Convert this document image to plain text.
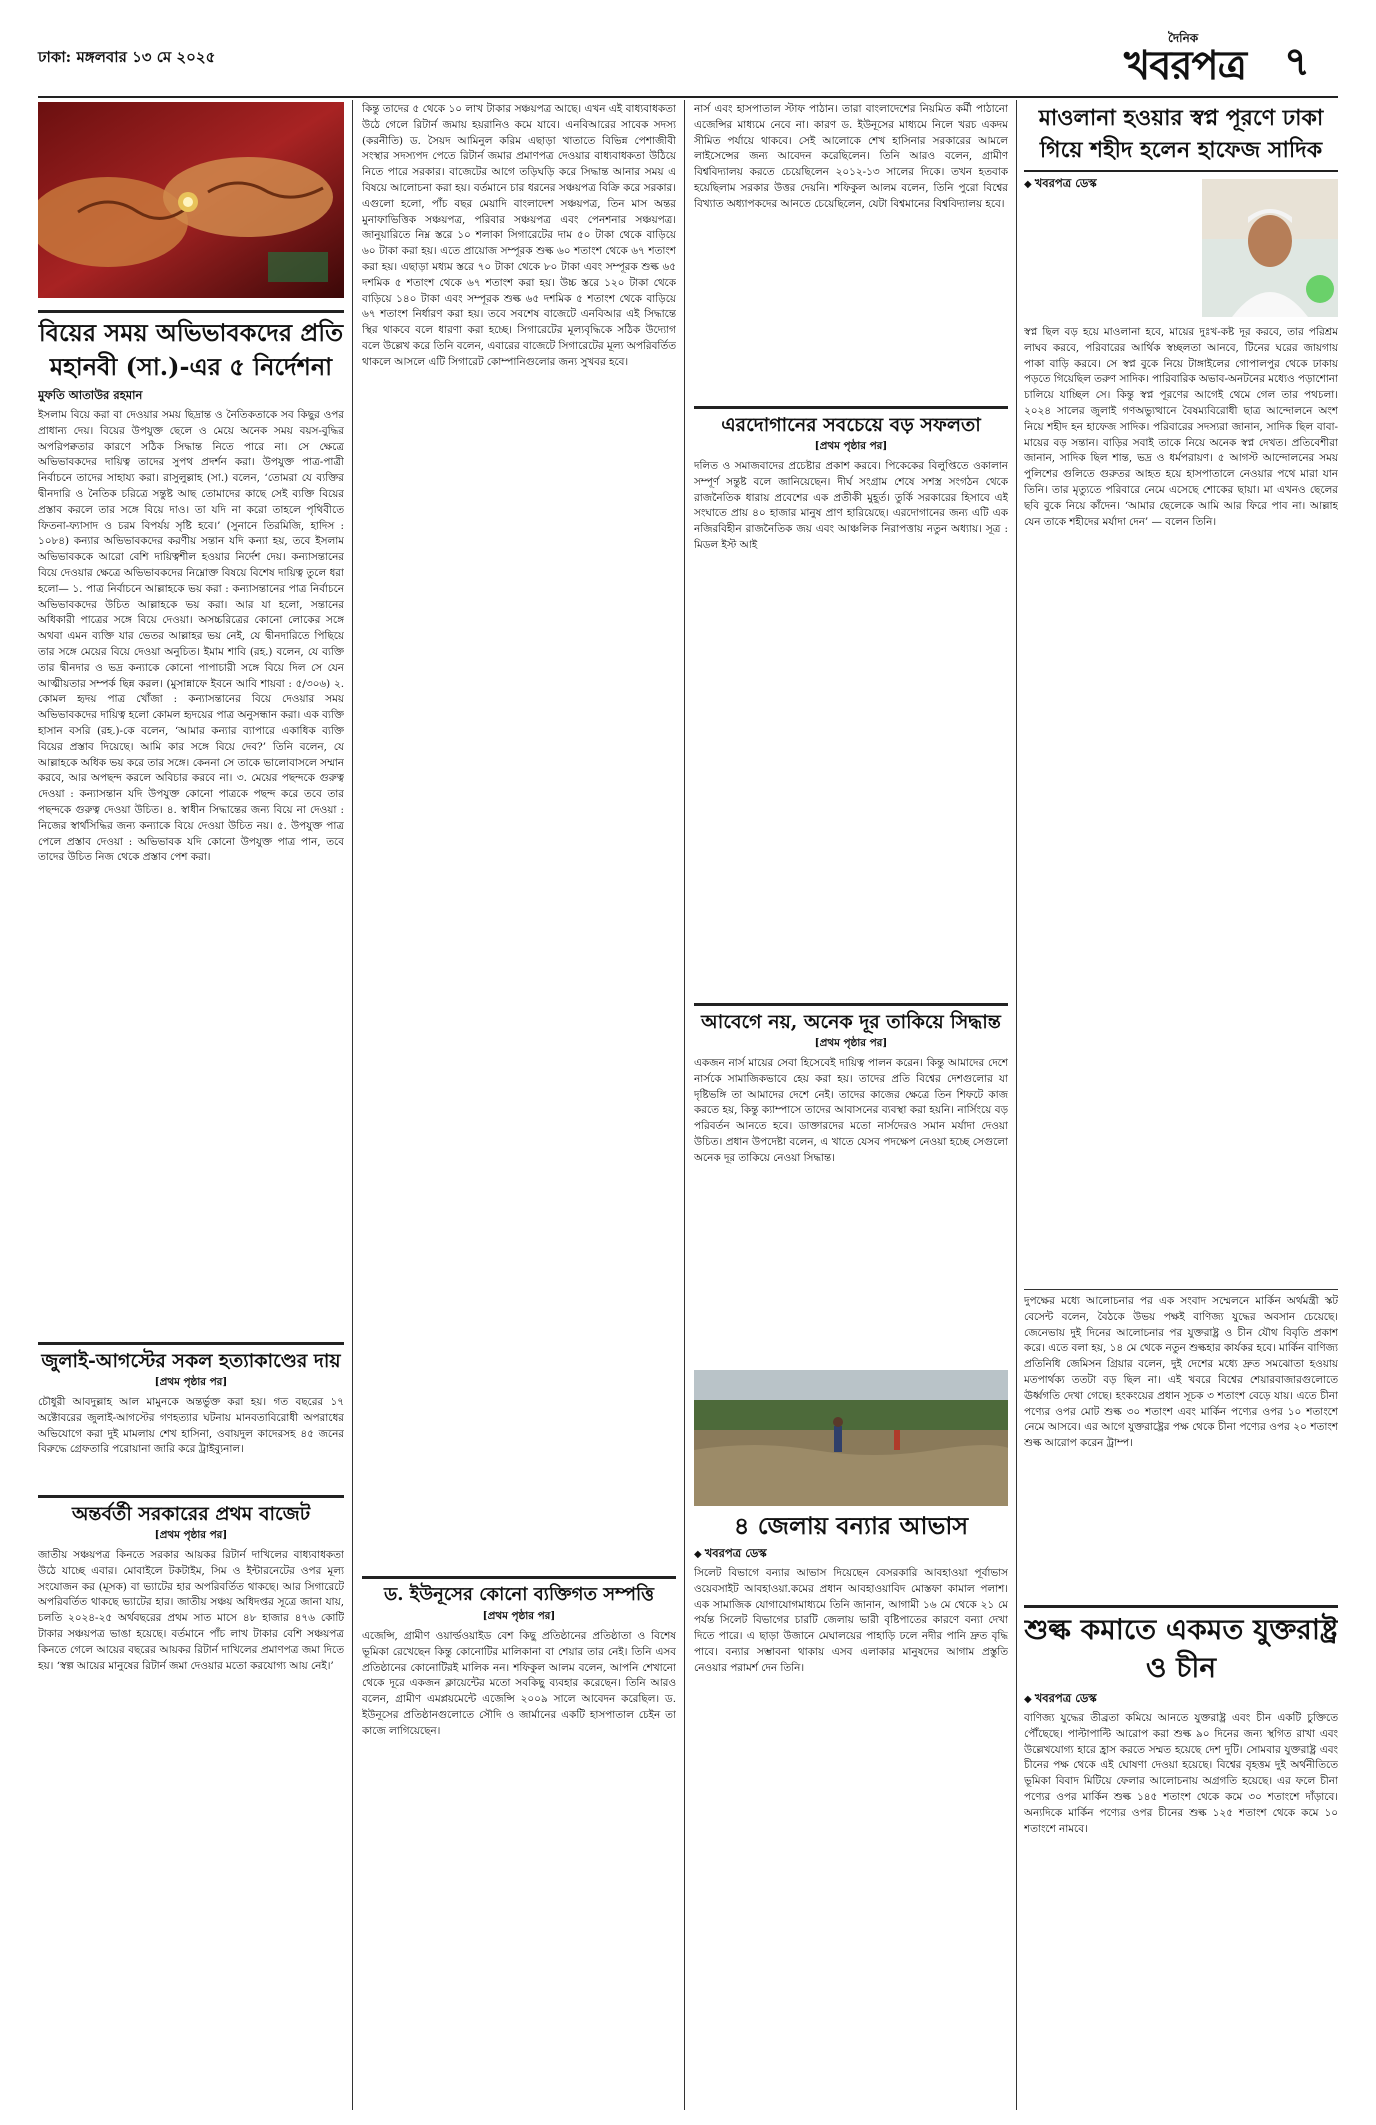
ঢাকা: মঙ্গলবার ১৩ মে ২০২৫
দৈনিক
খবরপত্র ৭
বিয়ের সময় অভিভাবকদের প্রতি মহানবী (সা.)-এর ৫ নির্দেশনা
মুফতি আতাউর রহমান
ইসলাম বিয়ে করা বা দেওয়ার সময় ছিদ্রান্ত ও নৈতিকতাকে সব কিছুর ওপর প্রাধান্য দেয়। বিয়ের উপযুক্ত ছেলে ও মেয়ে অনেক সময় বয়স-বুদ্ধির অপরিপক্বতার কারণে সঠিক সিদ্ধান্ত নিতে পারে না। সে ক্ষেত্রে অভিভাবকদের দায়িত্ব তাদের সুপথ প্রদর্শন করা। উপযুক্ত পাত্র-পাত্রী নির্বাচনে তাদের সাহায্য করা। রাসুলুল্লাহ (সা.) বলেন, ‘তোমরা যে ব্যক্তির দ্বীনদারি ও নৈতিক চরিত্রে সন্তুষ্ট আছ তোমাদের কাছে সেই ব্যক্তি বিয়ের প্রস্তাব করলে তার সঙ্গে বিয়ে দাও। তা যদি না করো তাহলে পৃথিবীতে ফিতনা-ফ্যাসাদ ও চরম বিপর্যয় সৃষ্টি হবে।’ (সুনানে তিরমিজি, হাদিস : ১০৮৪) কন্যার অভিভাবকদের করণীয় সন্তান যদি কন্যা হয়, তবে ইসলাম অভিভাবককে আরো বেশি দায়িত্বশীল হওয়ার নির্দেশ দেয়। কন্যাসন্তানের বিয়ে দেওয়ার ক্ষেত্রে অভিভাবকদের নিম্নোক্ত বিষয়ে বিশেষ দায়িত্ব তুলে ধরা হলো— ১. পাত্র নির্বাচনে আল্লাহকে ভয় করা : কন্যাসন্তানের পাত্র নির্বাচনে অভিভাবকদের উচিত আল্লাহকে ভয় করা। আর যা হলো, সন্তানের অধিকারী পাত্রের সঙ্গে বিয়ে দেওয়া। অসচ্চরিত্রের কোনো লোকের সঙ্গে অথবা এমন ব্যক্তি যার ভেতর আল্লাহর ভয় নেই, যে দ্বীনদারিতে পিছিয়ে তার সঙ্গে মেয়ের বিয়ে দেওয়া অনুচিত। ইমাম শাবি (রহ.) বলেন, যে ব্যক্তি তার দ্বীনদার ও ভদ্র কন্যাকে কোনো পাপাচারী সঙ্গে বিয়ে দিল সে যেন আত্মীয়তার সম্পর্ক ছিন্ন করল। (মুসান্নাফে ইবনে আবি শায়বা : ৫/৩০৬) ২. কোমল হৃদয় পাত্র খোঁজা : কন্যাসন্তানের বিয়ে দেওয়ার সময় অভিভাবকদের দায়িত্ব হলো কোমল হৃদয়ের পাত্র অনুসন্ধান করা। এক ব্যক্তি হাসান বসরি (রহ.)-কে বলেন, ‘আমার কন্যার ব্যাপারে একাধিক ব্যক্তি বিয়ের প্রস্তাব দিয়েছে। আমি কার সঙ্গে বিয়ে দেব?’ তিনি বলেন, যে আল্লাহকে অধিক ভয় করে তার সঙ্গে। কেননা সে তাকে ভালোবাসলে সম্মান করবে, আর অপছন্দ করলে অবিচার করবে না। ৩. মেয়ের পছন্দকে গুরুত্ব দেওয়া : কন্যাসন্তান যদি উপযুক্ত কোনো পাত্রকে পছন্দ করে তবে তার পছন্দকে গুরুত্ব দেওয়া উচিত। ৪. স্বাধীন সিদ্ধান্তের জন্য বিয়ে না দেওয়া : নিজের স্বার্থসিদ্ধির জন্য কন্যাকে বিয়ে দেওয়া উচিত নয়। ৫. উপযুক্ত পাত্র পেলে প্রস্তাব দেওয়া : অভিভাবক যদি কোনো উপযুক্ত পাত্র পান, তবে তাদের উচিত নিজ থেকে প্রস্তাব পেশ করা।
জুলাই-আগস্টের সকল হত্যাকাণ্ডের দায়
[প্রথম পৃষ্ঠার পর]
চৌধুরী আবদুল্লাহ আল মামুনকে অন্তর্ভুক্ত করা হয়। গত বছরের ১৭ অক্টোবরের জুলাই-আগস্টের গণহত্যার ঘটনায় মানবতাবিরোধী অপরাধের অভিযোগে করা দুই মামলায় শেখ হাসিনা, ওবায়দুল কাদেরসহ ৪৫ জনের বিরুদ্ধে গ্রেফতারি পরোয়ানা জারি করে ট্রাইব্যুনাল।
অন্তর্বর্তী সরকারের প্রথম বাজেট
[প্রথম পৃষ্ঠার পর]
জাতীয় সঞ্চয়পত্র কিনতে সরকার আয়কর রিটার্ন দাখিলের বাধ্যবাধকতা উঠে যাচ্ছে এবার। মোবাইলে টকটাইম, সিম ও ইন্টারনেটের ওপর মূল্য সংযোজন কর (মূসক) বা ভ্যাটের হার অপরিবর্তিত থাকছে। আর সিগারেটে অপরিবর্তিত থাকছে ভ্যাটের হার। জাতীয় সঞ্চয় অধিদপ্তর সূত্রে জানা যায়, চলতি ২০২৪-২৫ অর্থবছরের প্রথম সাত মাসে ৪৮ হাজার ৪৭৬ কোটি টাকার সঞ্চয়পত্র ভাঙা হয়েছে। বর্তমানে পাঁচ লাখ টাকার বেশি সঞ্চয়পত্র কিনতে গেলে আয়ের বছরের আয়কর রিটার্ন দাখিলের প্রমাণপত্র জমা দিতে হয়। ‘স্বল্প আয়ের মানুষের রিটার্ন জমা দেওয়ার মতো করযোগ্য আয় নেই।’
কিন্তু তাদের ৫ থেকে ১০ লাখ টাকার সঞ্চয়পত্র আছে। এখন এই বাধ্যবাধকতা উঠে গেলে রিটার্ন জমায় হয়রানিও কমে যাবে। এনবিআরের সাবেক সদস্য (করনীতি) ড. সৈয়দ আমিনুল করিম এছাড়া খাতাতে বিভিন্ন পেশাজীবী সংস্থার সদস্যপদ পেতে রিটার্ন জমার প্রমাণপত্র দেওয়ার বাধ্যবাধকতা উঠিয়ে নিতে পারে সরকার। বাজেটের আগে তড়িঘড়ি করে সিদ্ধান্ত আনার সময় এ বিষয়ে আলোচনা করা হয়। বর্তমানে চার ধরনের সঞ্চয়পত্র বিক্রি করে সরকার। এগুলো হলো, পাঁচ বছর মেয়াদি বাংলাদেশ সঞ্চয়পত্র, তিন মাস অন্তর মুনাফাভিত্তিক সঞ্চয়পত্র, পরিবার সঞ্চয়পত্র এবং পেনশনার সঞ্চয়পত্র। জানুয়ারিতে নিম্ন স্তরে ১০ শলাকা সিগারেটের দাম ৫০ টাকা থেকে বাড়িয়ে ৬০ টাকা করা হয়। এতে প্রায়োজ সম্পূরক শুল্ক ৬০ শতাংশ থেকে ৬৭ শতাংশ করা হয়। এছাড়া মধ্যম স্তরে ৭০ টাকা থেকে ৮০ টাকা এবং সম্পূরক শুল্ক ৬৫ দশমিক ৫ শতাংশ থেকে ৬৭ শতাংশ করা হয়। উচ্চ স্তরে ১২০ টাকা থেকে বাড়িয়ে ১৪০ টাকা এবং সম্পূরক শুল্ক ৬৫ দশমিক ৫ শতাংশ থেকে বাড়িয়ে ৬৭ শতাংশ নির্ধারণ করা হয়। তবে সবশেষ বাজেটে এনবিআর এই সিদ্ধান্তে স্থির থাকবে বলে ধারণা করা হচ্ছে। সিগারেটের মূল্যবৃদ্ধিকে সঠিক উদ্যোগ বলে উল্লেখ করে তিনি বলেন, এবারের বাজেটে সিগারেটের মূল্য অপরিবর্তিত থাকলে আসলে এটি সিগারেট কোম্পানিগুলোর জন্য সুখবর হবে।
ড. ইউনূসের কোনো ব্যক্তিগত সম্পত্তি
[প্রথম পৃষ্ঠার পর]
এজেন্সি, গ্রামীণ ওয়ার্ল্ডওয়াইড বেশ কিছু প্রতিষ্ঠানের প্রতিষ্ঠাতা ও বিশেষ ভূমিকা রেখেছেন কিন্তু কোনোটির মালিকানা বা শেয়ার তার নেই। তিনি এসব প্রতিষ্ঠানের কোনোটিরই মালিক নন। শফিকুল আলম বলেন, আপনি শেখানো থেকে দূরে একজন ক্লায়েন্টের মতো সবকিছু ব্যবহার করেছেন। তিনি আরও বলেন, গ্রামীণ এমপ্লয়মেন্টে এজেন্সি ২০০৯ সালে আবেদন করেছিল। ড. ইউনূসের প্রতিষ্ঠানগুলোতে সৌদি ও জার্মানের একটি হাসপাতাল চেইন তা কাজে লাগিয়েছেন।
নার্স এবং হাসপাতাল স্টাফ পাঠান। তারা বাংলাদেশের নিয়মিত কর্মী পাঠানো এজেন্সির মাধ্যমে নেবে না। কারণ ড. ইউনূসের মাধ্যমে নিলে খরচ একদম সীমিত পর্যায়ে থাকবে। সেই আলোকে শেখ হাসিনার সরকারের আমলে লাইসেন্সের জন্য আবেদন করেছিলেন। তিনি আরও বলেন, গ্রামীণ বিশ্ববিদ্যালয় করতে চেয়েছিলেন ২০১২-১৩ সালের দিকে। তখন হতবাক হয়েছিলাম সরকার উত্তর দেয়নি। শফিকুল আলম বলেন, তিনি পুরো বিশ্বের বিখ্যাত অধ্যাপকদের আনতে চেয়েছিলেন, যেটা বিশ্বমানের বিশ্ববিদ্যালয় হবে।
এরদোগানের সবচেয়ে বড় সফলতা
[প্রথম পৃষ্ঠার পর]
দলিত ও সমাজবাদের প্রচেষ্টার প্রকাশ করবে। পিকেকের বিলুপ্তিতে ওকালান সম্পূর্ণ সন্তুষ্ট বলে জানিয়েছেন। দীর্ঘ সংগ্রাম শেষে সশস্ত্র সংগঠন থেকে রাজনৈতিক ধারায় প্রবেশের এক প্রতীকী মুহূর্ত। তুর্কি সরকারের হিসাবে এই সংঘাতে প্রায় ৪০ হাজার মানুষ প্রাণ হারিয়েছে। এরদোগানের জন্য এটি এক নজিরবিহীন রাজনৈতিক জয় এবং আঞ্চলিক নিরাপত্তায় নতুন অধ্যায়। সূত্র : মিডল ইস্ট আই
আবেগে নয়, অনেক দূর তাকিয়ে সিদ্ধান্ত
[প্রথম পৃষ্ঠার পর]
একজন নার্স মায়ের সেবা হিসেবেই দায়িত্ব পালন করেন। কিন্তু আমাদের দেশে নার্সকে সামাজিকভাবে হেয় করা হয়। তাদের প্রতি বিশ্বের দেশগুলোর যা দৃষ্টিভঙ্গি তা আমাদের দেশে নেই। তাদের কাজের ক্ষেত্রে তিন শিফটে কাজ করতে হয়, কিন্তু ক্যাম্পাসে তাদের আবাসনের ব্যবস্থা করা হয়নি। নার্সিংয়ে বড় পরিবর্তন আনতে হবে। ডাক্তারদের মতো নার্সদেরও সমান মর্যাদা দেওয়া উচিত। প্রধান উপদেষ্টা বলেন, এ খাতে যেসব পদক্ষেপ নেওয়া হচ্ছে সেগুলো অনেক দূর তাকিয়ে নেওয়া সিদ্ধান্ত।
৪ জেলায় বন্যার আভাস
◆ খবরপত্র ডেস্ক
সিলেট বিভাগে বন্যার আভাস দিয়েছেন বেসরকারি আবহাওয়া পূর্বাভাস ওয়েবসাইট আবহাওয়া.কমের প্রধান আবহাওয়াবিদ মোস্তফা কামাল পলাশ। এক সামাজিক যোগাযোগমাধ্যমে তিনি জানান, আগামী ১৬ মে থেকে ২১ মে পর্যন্ত সিলেট বিভাগের চারটি জেলায় ভারী বৃষ্টিপাতের কারণে বন্যা দেখা দিতে পারে। এ ছাড়া উজানে মেঘালয়ের পাহাড়ি ঢলে নদীর পানি দ্রুত বৃদ্ধি পাবে। বন্যার সম্ভাবনা থাকায় এসব এলাকার মানুষদের আগাম প্রস্তুতি নেওয়ার পরামর্শ দেন তিনি।
মাওলানা হওয়ার স্বপ্ন পূরণে ঢাকা গিয়ে শহীদ হলেন হাফেজ সাদিক
◆ খবরপত্র ডেস্ক
স্বপ্ন ছিল বড় হয়ে মাওলানা হবে, মায়ের দুঃখ-কষ্ট দূর করবে, তার পরিশ্রম লাঘব করবে, পরিবারের আর্থিক স্বচ্ছলতা আনবে, টিনের ঘরের জায়গায় পাকা বাড়ি করবে। সে স্বপ্ন বুকে নিয়ে টাঙ্গাইলের গোপালপুর থেকে ঢাকায় পড়তে গিয়েছিল তরুণ সাদিক। পারিবারিক অভাব-অনটনের মধ্যেও পড়াশোনা চালিয়ে যাচ্ছিল সে। কিন্তু স্বপ্ন পূরণের আগেই থেমে গেল তার পথচলা। ২০২৪ সালের জুলাই গণঅভ্যুত্থানে বৈষম্যবিরোধী ছাত্র আন্দোলনে অংশ নিয়ে শহীদ হন হাফেজ সাদিক। পরিবারের সদস্যরা জানান, সাদিক ছিল বাবা-মায়ের বড় সন্তান। বাড়ির সবাই তাকে নিয়ে অনেক স্বপ্ন দেখত। প্রতিবেশীরা জানান, সাদিক ছিল শান্ত, ভদ্র ও ধর্মপরায়ণ। ৫ আগস্ট আন্দোলনের সময় পুলিশের গুলিতে গুরুতর আহত হয়ে হাসপাতালে নেওয়ার পথে মারা যান তিনি। তার মৃত্যুতে পরিবারে নেমে এসেছে শোকের ছায়া। মা এখনও ছেলের ছবি বুকে নিয়ে কাঁদেন। ‘আমার ছেলেকে আমি আর ফিরে পাব না। আল্লাহ যেন তাকে শহীদের মর্যাদা দেন’ — বলেন তিনি।
দুপক্ষের মধ্যে আলোচনার পর এক সংবাদ সম্মেলনে মার্কিন অর্থমন্ত্রী স্কট বেসেন্ট বলেন, বৈঠকে উভয় পক্ষই বাণিজ্য যুদ্ধের অবসান চেয়েছে। জেনেভায় দুই দিনের আলোচনার পর যুক্তরাষ্ট্র ও চীন যৌথ বিবৃতি প্রকাশ করে। এতে বলা হয়, ১৪ মে থেকে নতুন শুল্কহার কার্যকর হবে। মার্কিন বাণিজ্য প্রতিনিধি জেমিসন গ্রিয়ার বলেন, দুই দেশের মধ্যে দ্রুত সমঝোতা হওয়ায় মতপার্থক্য ততটা বড় ছিল না। এই খবরে বিশ্বের শেয়ারবাজারগুলোতে ঊর্ধ্বগতি দেখা গেছে। হংকংয়ের প্রধান সূচক ৩ শতাংশ বেড়ে যায়। এতে চীনা পণ্যের ওপর মোট শুল্ক ৩০ শতাংশ এবং মার্কিন পণ্যের ওপর ১০ শতাংশে নেমে আসবে। এর আগে যুক্তরাষ্ট্রের পক্ষ থেকে চীনা পণ্যের ওপর ২০ শতাংশ শুল্ক আরোপ করেন ট্রাম্প।
শুল্ক কমাতে একমত যুক্তরাষ্ট্র ও চীন
◆ খবরপত্র ডেস্ক
বাণিজ্য যুদ্ধের তীব্রতা কমিয়ে আনতে যুক্তরাষ্ট্র এবং চীন একটি চুক্তিতে পৌঁছেছে। পাল্টাপাল্টি আরোপ করা শুল্ক ৯০ দিনের জন্য স্থগিত রাখা এবং উল্লেখযোগ্য হারে হ্রাস করতে সম্মত হয়েছে দেশ দুটি। সোমবার যুক্তরাষ্ট্র এবং চীনের পক্ষ থেকে এই ঘোষণা দেওয়া হয়েছে। বিশ্বের বৃহত্তম দুই অর্থনীতিতে ভূমিকা বিবাদ মিটিয়ে ফেলার আলোচনায় অগ্রগতি হয়েছে। এর ফলে চীনা পণ্যের ওপর মার্কিন শুল্ক ১৪৫ শতাংশ থেকে কমে ৩০ শতাংশে দাঁড়াবে। অন্যদিকে মার্কিন পণ্যের ওপর চীনের শুল্ক ১২৫ শতাংশ থেকে কমে ১০ শতাংশে নামবে।
